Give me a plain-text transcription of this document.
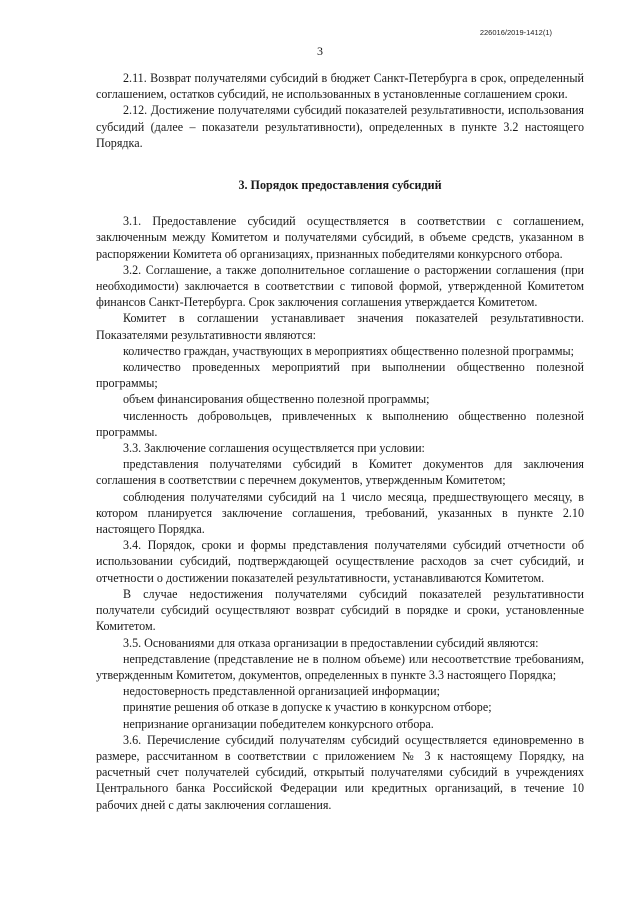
226016/2019-1412(1)
3

2.11. Возврат получателями субсидий в бюджет Санкт-Петербурга в срок, определенный соглашением, остатков субсидий, не использованных в установленные соглашением сроки.

2.12. Достижение получателями субсидий показателей результативности, использования субсидий (далее – показатели результативности), определенных в пункте 3.2 настоящего Порядка.

3. Порядок предоставления субсидий

3.1. Предоставление субсидий осуществляется в соответствии с соглашением, заключенным между Комитетом и получателями субсидий, в объеме средств, указанном в распоряжении Комитета об организациях, признанных победителями конкурсного отбора.

3.2. Соглашение, а также дополнительное соглашение о расторжении соглашения (при необходимости) заключается в соответствии с типовой формой, утвержденной Комитетом финансов Санкт-Петербурга. Срок заключения соглашения утверждается Комитетом.

Комитет в соглашении устанавливает значения показателей результативности. Показателями результативности являются:

количество граждан, участвующих в мероприятиях общественно полезной программы;

количество проведенных мероприятий при выполнении общественно полезной программы;

объем финансирования общественно полезной программы;

численность добровольцев, привлеченных к выполнению общественно полезной программы.

3.3. Заключение соглашения осуществляется при условии:

представления получателями субсидий в Комитет документов для заключения соглашения в соответствии с перечнем документов, утвержденным Комитетом;

соблюдения получателями субсидий на 1 число месяца, предшествующего месяцу, в котором планируется заключение соглашения, требований, указанных в пункте 2.10 настоящего Порядка.

3.4. Порядок, сроки и формы представления получателями субсидий отчетности об использовании субсидий, подтверждающей осуществление расходов за счет субсидий, и отчетности о достижении показателей результативности, устанавливаются Комитетом.

В случае недостижения получателями субсидий показателей результативности получатели субсидий осуществляют возврат субсидий в порядке и сроки, установленные Комитетом.

3.5. Основаниями для отказа организации в предоставлении субсидий являются:

непредставление (представление не в полном объеме) или несоответствие требованиям, утвержденным Комитетом, документов, определенных в пункте 3.3 настоящего Порядка;

недостоверность представленной организацией информации;

принятие решения об отказе в допуске к участию в конкурсном отборе;

непризнание организации победителем конкурсного отбора.

3.6. Перечисление субсидий получателям субсидий осуществляется единовременно в размере, рассчитанном в соответствии с приложением № 3 к настоящему Порядку, на расчетный счет получателей субсидий, открытый получателями субсидий в учреждениях Центрального банка Российской Федерации или кредитных организаций, в течение 10 рабочих дней с даты заключения соглашения.
